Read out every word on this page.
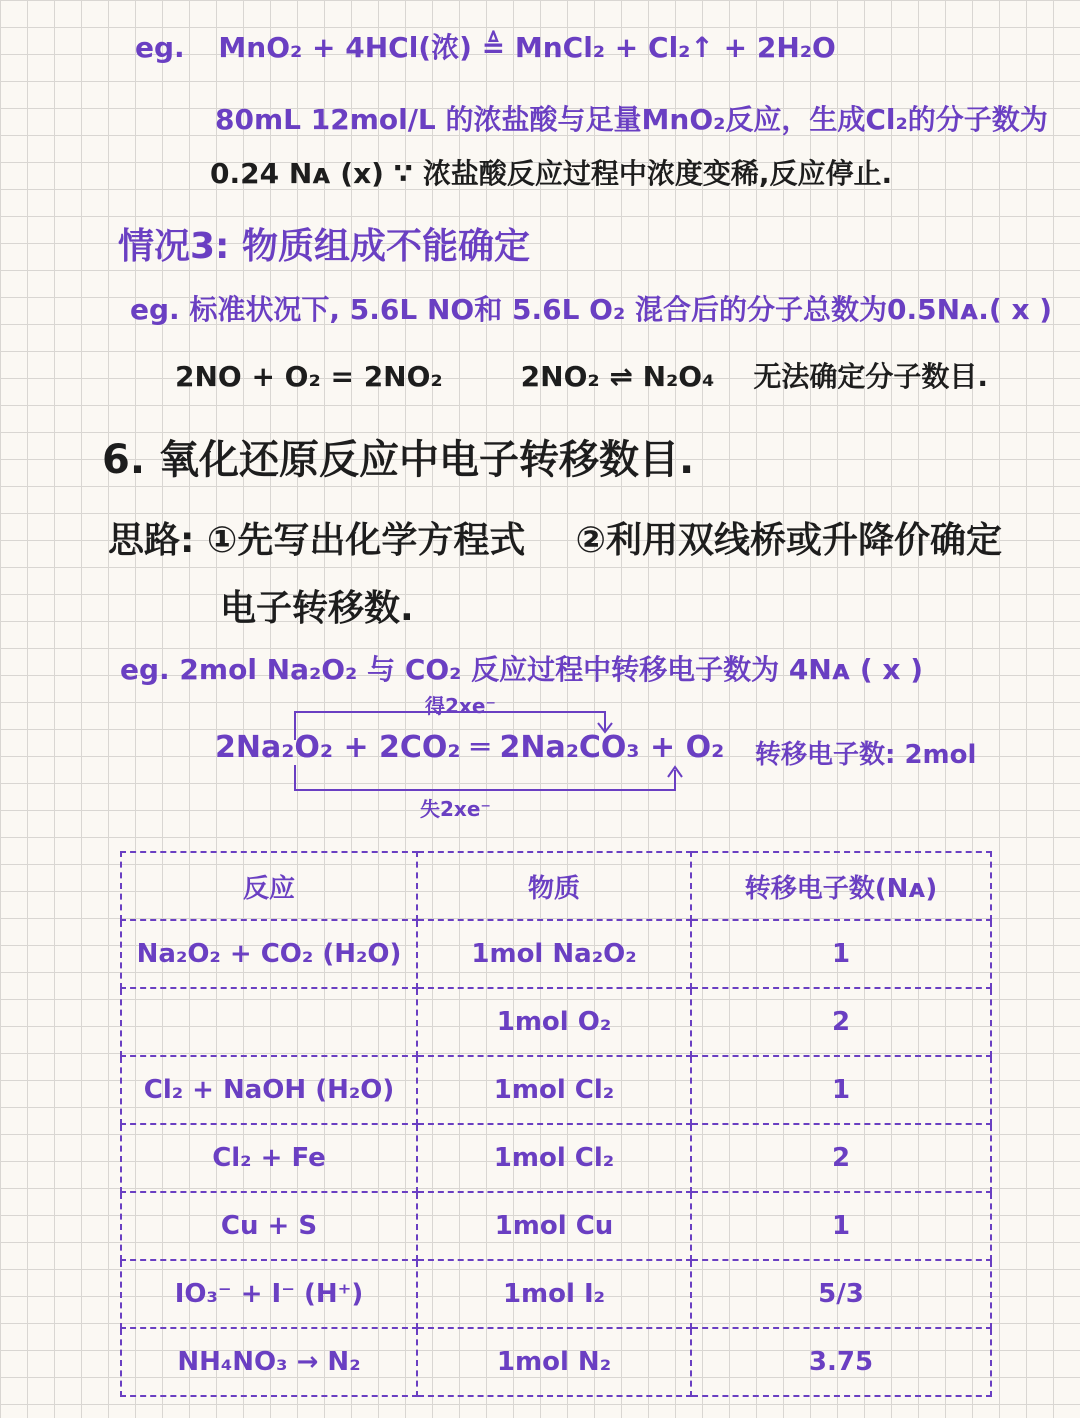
eg. MnO₂ + 4HCl(浓) ≜ MnCl₂ + Cl₂↑ + 2H₂O
80mL 12mol/L 的浓盐酸与足量MnO₂反应，生成Cl₂的分子数为
0.24 Nᴀ (x) ∵ 浓盐酸反应过程中浓度变稀,反应停止.
情况3: 物质组成不能确定
eg. 标准状况下, 5.6L NO和 5.6L O₂ 混合后的分子总数为0.5Nᴀ.( x )
2NO + O₂ = 2NO₂        2NO₂ ⇌ N₂O₄    无法确定分子数目.
6. 氧化还原反应中电子转移数目.
思路: ①先写出化学方程式    ②利用双线桥或升降价确定
电子转移数.
eg. 2mol Na₂O₂ 与 CO₂ 反应过程中转移电子数为 4Nᴀ ( x )
得2xe⁻
2Na₂O₂ + 2CO₂ ═ 2Na₂CO₃ + O₂ 转移电子数: 2mol
失2xe⁻
反应	物质	转移电子数(Nᴀ)
Na₂O₂ + CO₂ (H₂O)	1mol Na₂O₂	1
	1mol O₂	2
Cl₂ + NaOH (H₂O)	1mol Cl₂	1
Cl₂ + Fe	1mol Cl₂	2
Cu + S	1mol Cu	1
IO₃⁻ + I⁻ (H⁺)	1mol I₂	5/3
NH₄NO₃ → N₂	1mol N₂	3.75
